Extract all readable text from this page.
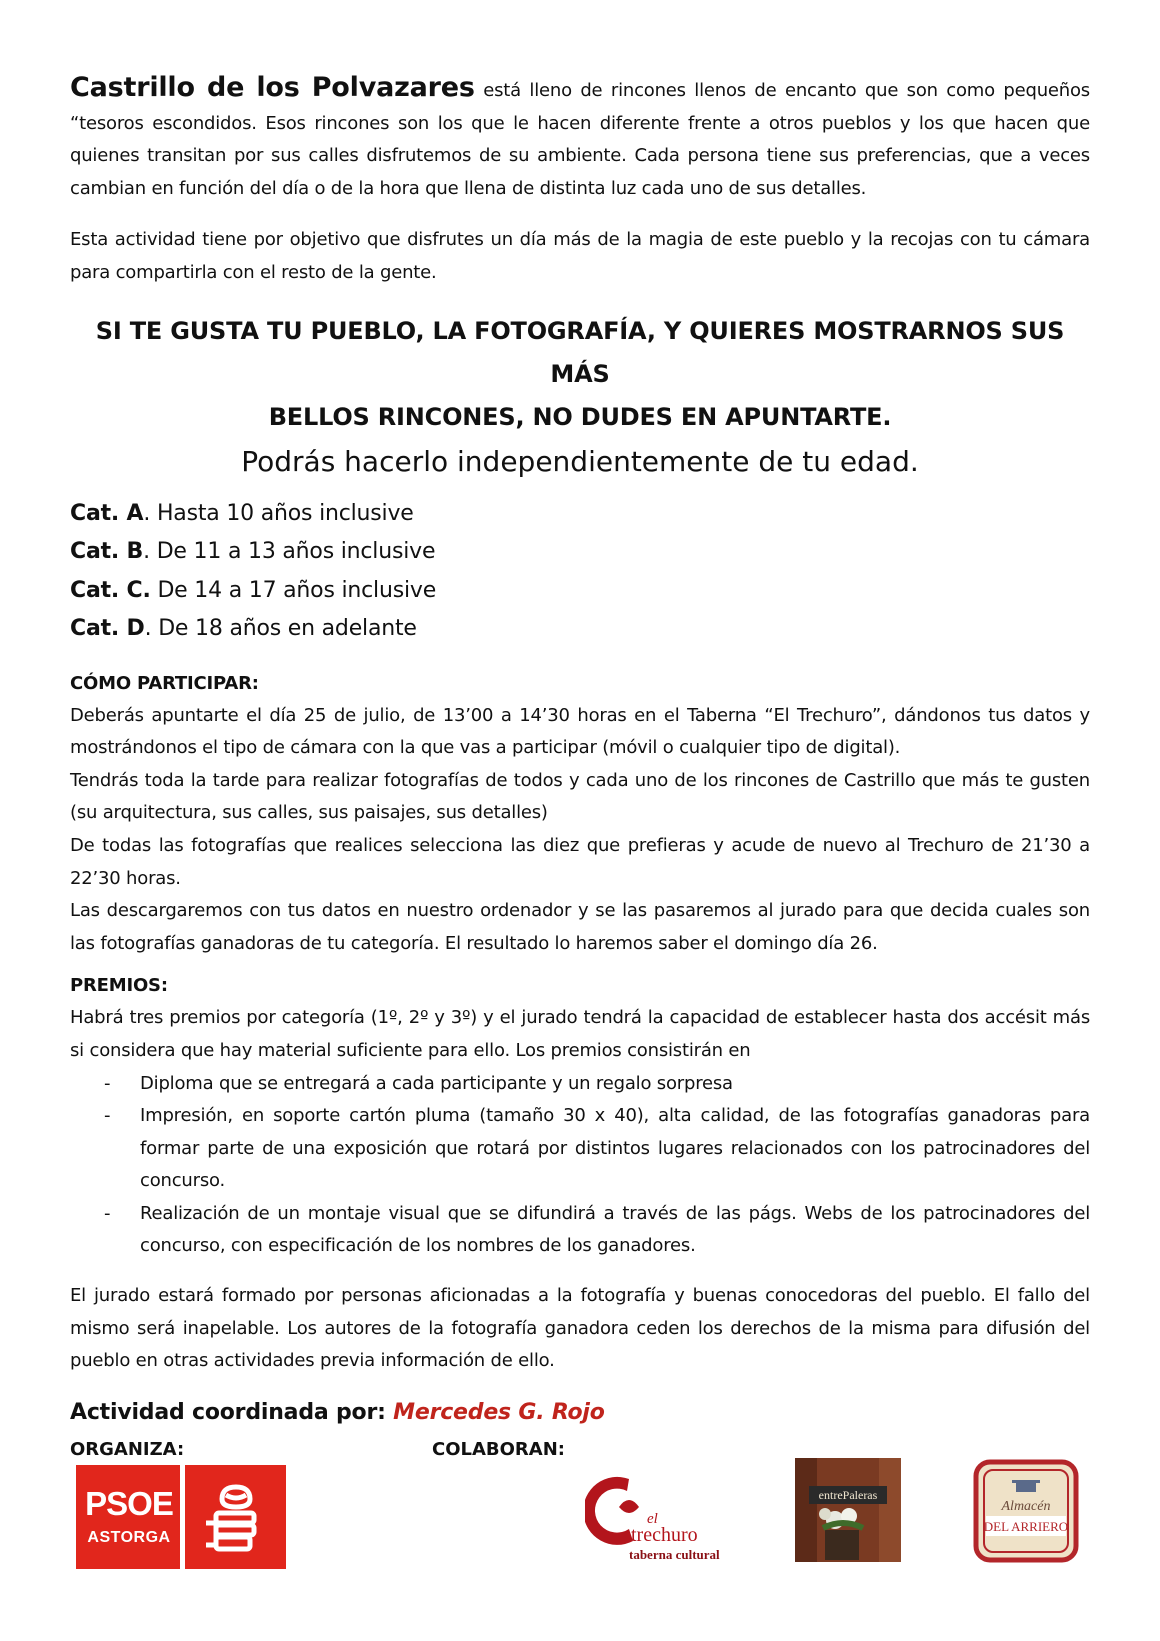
Castrillo de los Polvazares está lleno de rincones llenos de encanto que son como pequeños “tesoros escondidos. Esos rincones son los que le hacen diferente frente a otros pueblos y los que hacen que quienes transitan por sus calles disfrutemos de su ambiente. Cada persona tiene sus preferencias, que a veces cambian en función del día o de la hora que llena de distinta luz cada uno de sus detalles.

Esta actividad tiene por objetivo que disfrutes un día más de la magia de este pueblo y la recojas con tu cámara para compartirla con el resto de la gente.

SI TE GUSTA TU PUEBLO, LA FOTOGRAFÍA, Y QUIERES MOSTRARNOS SUS MÁS
BELLOS RINCONES, NO DUDES EN APUNTARTE.
Podrás hacerlo independientemente de tu edad.
Cat. A. Hasta 10 años inclusive
Cat. B. De 11 a 13 años inclusive
Cat. C. De 14 a 17 años inclusive
Cat. D. De 18 años en adelante
CÓMO PARTICIPAR:

Deberás apuntarte el día 25 de julio, de 13’00 a 14’30 horas en el Taberna “El Trechuro”, dándonos tus datos y mostrándonos el tipo de cámara con la que vas a participar (móvil o cualquier tipo de digital).

Tendrás toda la tarde para realizar fotografías de todos y cada uno de los rincones de Castrillo que más te gusten (su arquitectura, sus calles, sus paisajes, sus detalles)

De todas las fotografías que realices selecciona las diez que prefieras y acude de nuevo al Trechuro de 21’30 a 22’30 horas.

Las descargaremos con tus datos en nuestro ordenador y se las pasaremos al jurado para que decida cuales son las fotografías ganadoras de tu categoría. El resultado lo haremos saber el domingo día 26.

PREMIOS:

Habrá tres premios por categoría (1º, 2º y 3º) y el jurado tendrá la capacidad de establecer hasta dos accésit más si considera que hay material suficiente para ello. Los premios consistirán en

- Diploma que se entregará a cada participante y un regalo sorpresa
- Impresión, en soporte cartón pluma (tamaño 30 x 40), alta calidad, de las fotografías ganadoras para formar parte de una exposición que rotará por distintos lugares relacionados con los patrocinadores del concurso.
- Realización de un montaje visual que se difundirá a través de las págs. Webs de los patrocinadores del concurso, con especificación de los nombres de los ganadores.

El jurado estará formado por personas aficionadas a la fotografía y buenas conocedoras del pueblo. El fallo del mismo será inapelable. Los autores de la fotografía ganadora ceden los derechos de la misma para difusión del pueblo en otras actividades previa información de ello.

Actividad coordinada por: Mercedes G. Rojo
ORGANIZA:	COLABORAN:
PSOE
ASTORGA
el
trechuro
taberna cultural
entrePaleras
Almacén
DEL ARRIERO
